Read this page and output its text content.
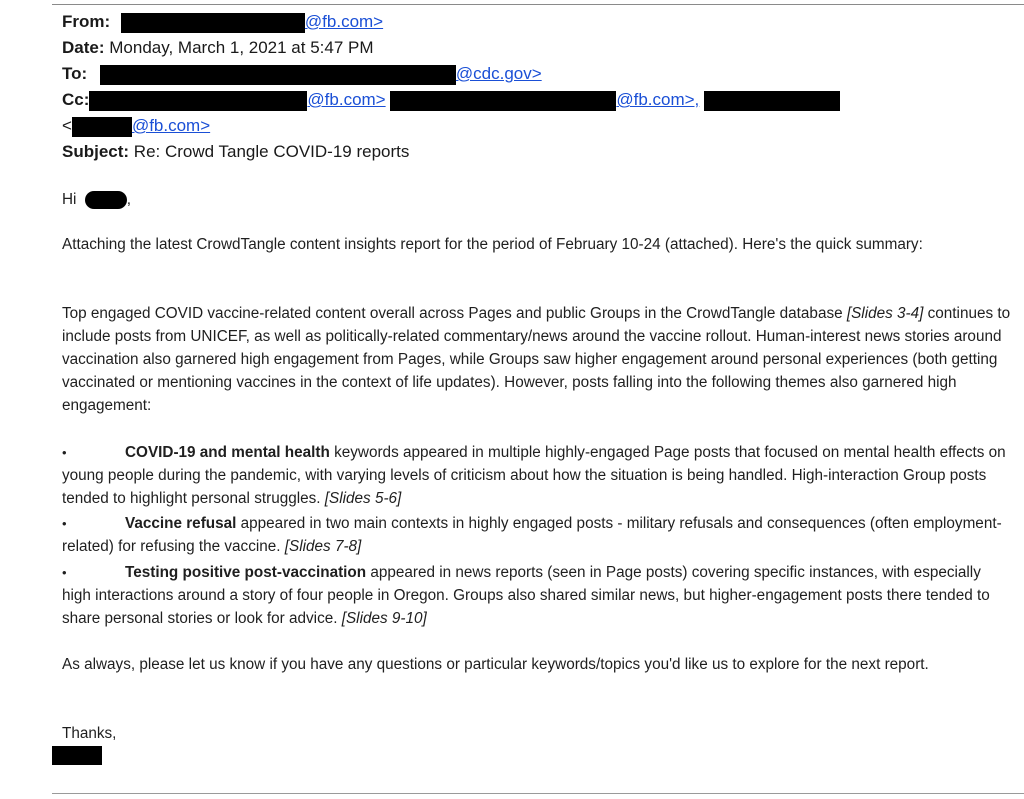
From:	@fb.com>
Date: Monday, March 1, 2021 at 5:47 PM
To:	@cdc.gov>
Cc:	@fb.com>	@fb.com>,
<	@fb.com>
Subject: Re: Crowd Tangle COVID-19 reports
Hi	,
Attaching the latest CrowdTangle content insights report for the period of February 10-24 (attached). Here's the quick summary:
Top engaged COVID vaccine-related content overall across Pages and public Groups in the CrowdTangle database [Slides 3-4] continues to include posts from UNICEF, as well as politically-related commentary/news around the vaccine rollout. Human-interest news stories around vaccination also garnered high engagement from Pages, while Groups saw higher engagement around personal experiences (both getting vaccinated or mentioning vaccines in the context of life updates). However, posts falling into the following themes also garnered high engagement:
•	COVID-19 and mental health keywords appeared in multiple highly-engaged Page posts that focused on mental health effects on young people during the pandemic, with varying levels of criticism about how the situation is being handled. High-interaction Group posts tended to highlight personal struggles. [Slides 5-6]
•	Vaccine refusal appeared in two main contexts in highly engaged posts - military refusals and consequences (often employment-related) for refusing the vaccine. [Slides 7-8]
•	Testing positive post-vaccination appeared in news reports (seen in Page posts) covering specific instances, with especially high interactions around a story of four people in Oregon. Groups also shared similar news, but higher-engagement posts there tended to share personal stories or look for advice. [Slides 9-10]
As always, please let us know if you have any questions or particular keywords/topics you'd like us to explore for the next report.
Thanks,
